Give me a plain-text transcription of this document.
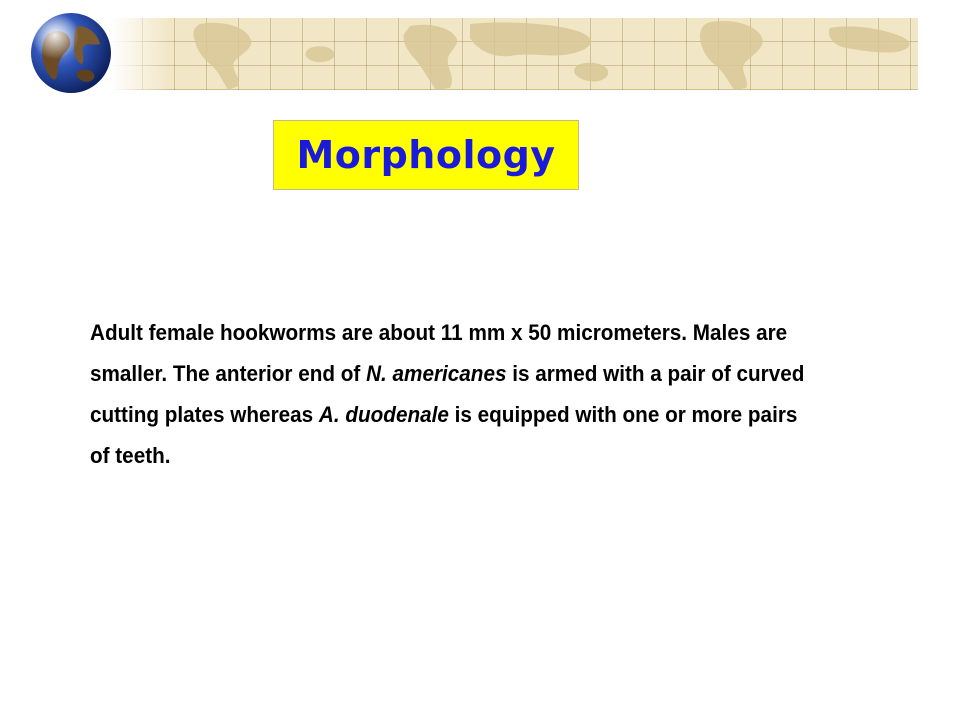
Morphology

Adult female hookworms are about 11 mm x 50 micrometers. Males are smaller. The anterior end of N. americanes is armed with a pair of curved cutting plates whereas A. duodenale is equipped with one or more pairs of teeth.
